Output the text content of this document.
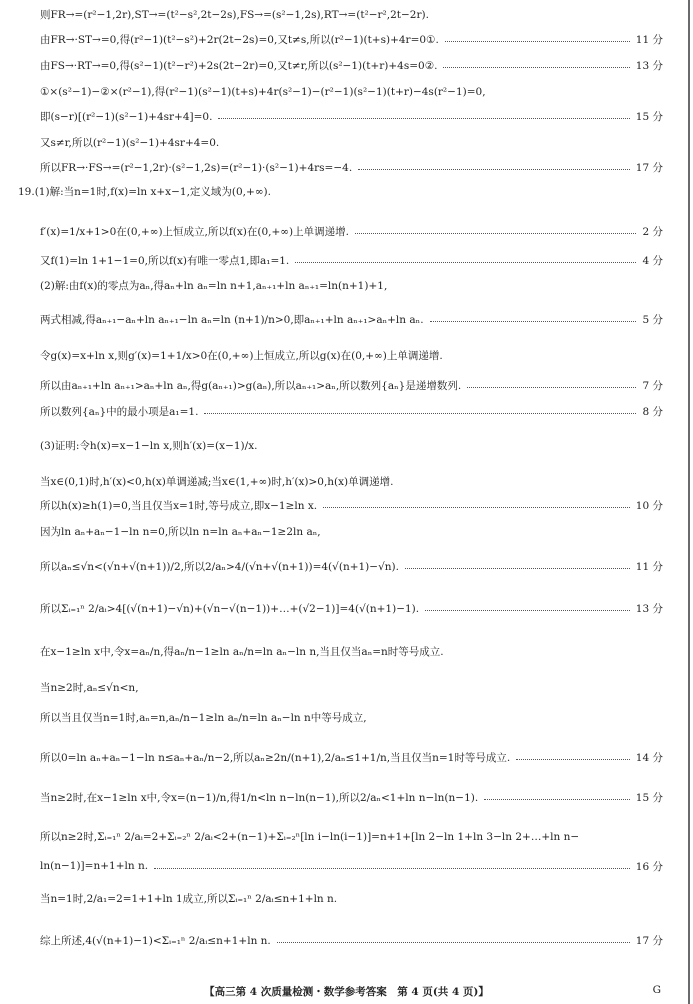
则FR→=(r²−1,2r),ST→=(t²−s²,2t−2s),FS→=(s²−1,2s),RT→=(t²−r²,2t−2r).
由FR→·ST→=0,得(r²−1)(t²−s²)+2r(2t−2s)=0,又t≠s,所以(r²−1)(t+s)+4r=0①.	11 分
由FS→·RT→=0,得(s²−1)(t²−r²)+2s(2t−2r)=0,又t≠r,所以(s²−1)(t+r)+4s=0②.	13 分
①×(s²−1)−②×(r²−1),得(r²−1)(s²−1)(t+s)+4r(s²−1)−(r²−1)(s²−1)(t+r)−4s(r²−1)=0,
即(s−r)[(r²−1)(s²−1)+4sr+4]=0.	15 分
又s≠r,所以(r²−1)(s²−1)+4sr+4=0.
所以FR→·FS→=(r²−1,2r)·(s²−1,2s)=(r²−1)·(s²−1)+4rs=−4.	17 分
19.(1)解:当n=1时,f(x)=ln x+x−1,定义域为(0,+∞).
f′(x)=1/x+1>0在(0,+∞)上恒成立,所以f(x)在(0,+∞)上单调递增.	2 分
又f(1)=ln 1+1−1=0,所以f(x)有唯一零点1,即a₁=1.	4 分
(2)解:由f(x)的零点为aₙ,得aₙ+ln aₙ=ln n+1,aₙ₊₁+ln aₙ₊₁=ln(n+1)+1,
两式相减,得aₙ₊₁−aₙ+ln aₙ₊₁−ln aₙ=ln (n+1)/n>0,即aₙ₊₁+ln aₙ₊₁>aₙ+ln aₙ.	5 分
令g(x)=x+ln x,则g′(x)=1+1/x>0在(0,+∞)上恒成立,所以g(x)在(0,+∞)上单调递增.
所以由aₙ₊₁+ln aₙ₊₁>aₙ+ln aₙ,得g(aₙ₊₁)>g(aₙ),所以aₙ₊₁>aₙ,所以数列{aₙ}是递增数列.	7 分
所以数列{aₙ}中的最小项是a₁=1.	8 分
(3)证明:令h(x)=x−1−ln x,则h′(x)=(x−1)/x.
当x∈(0,1)时,h′(x)<0,h(x)单调递减;当x∈(1,+∞)时,h′(x)>0,h(x)单调递增.
所以h(x)≥h(1)=0,当且仅当x=1时,等号成立,即x−1≥ln x.	10 分
因为ln aₙ+aₙ−1−ln n=0,所以ln n=ln aₙ+aₙ−1≥2ln aₙ,
所以aₙ≤√n<(√n+√(n+1))/2,所以2/aₙ>4/(√n+√(n+1))=4(√(n+1)−√n).	11 分
所以Σᵢ₌₁ⁿ 2/aᵢ>4[(√(n+1)−√n)+(√n−√(n−1))+…+(√2−1)]=4(√(n+1)−1).	13 分
在x−1≥ln x中,令x=aₙ/n,得aₙ/n−1≥ln aₙ/n=ln aₙ−ln n,当且仅当aₙ=n时等号成立.
当n≥2时,aₙ≤√n<n,
所以当且仅当n=1时,aₙ=n,aₙ/n−1≥ln aₙ/n=ln aₙ−ln n中等号成立,
所以0=ln aₙ+aₙ−1−ln n≤aₙ+aₙ/n−2,所以aₙ≥2n/(n+1),2/aₙ≤1+1/n,当且仅当n=1时等号成立.	14 分
当n≥2时,在x−1≥ln x中,令x=(n−1)/n,得1/n<ln n−ln(n−1),所以2/aₙ<1+ln n−ln(n−1).	15 分
所以n≥2时,Σᵢ₌₁ⁿ 2/aᵢ=2+Σᵢ₌₂ⁿ 2/aᵢ<2+(n−1)+Σᵢ₌₂ⁿ[ln i−ln(i−1)]=n+1+[ln 2−ln 1+ln 3−ln 2+…+ln n−
ln(n−1)]=n+1+ln n.	16 分
当n=1时,2/a₁=2=1+1+ln 1成立,所以Σᵢ₌₁ⁿ 2/aᵢ≤n+1+ln n.
综上所述,4(√(n+1)−1)<Σᵢ₌₁ⁿ 2/aᵢ≤n+1+ln n.	17 分
【高三第 4 次质量检测・数学参考答案　第 4 页(共 4 页)】	G
